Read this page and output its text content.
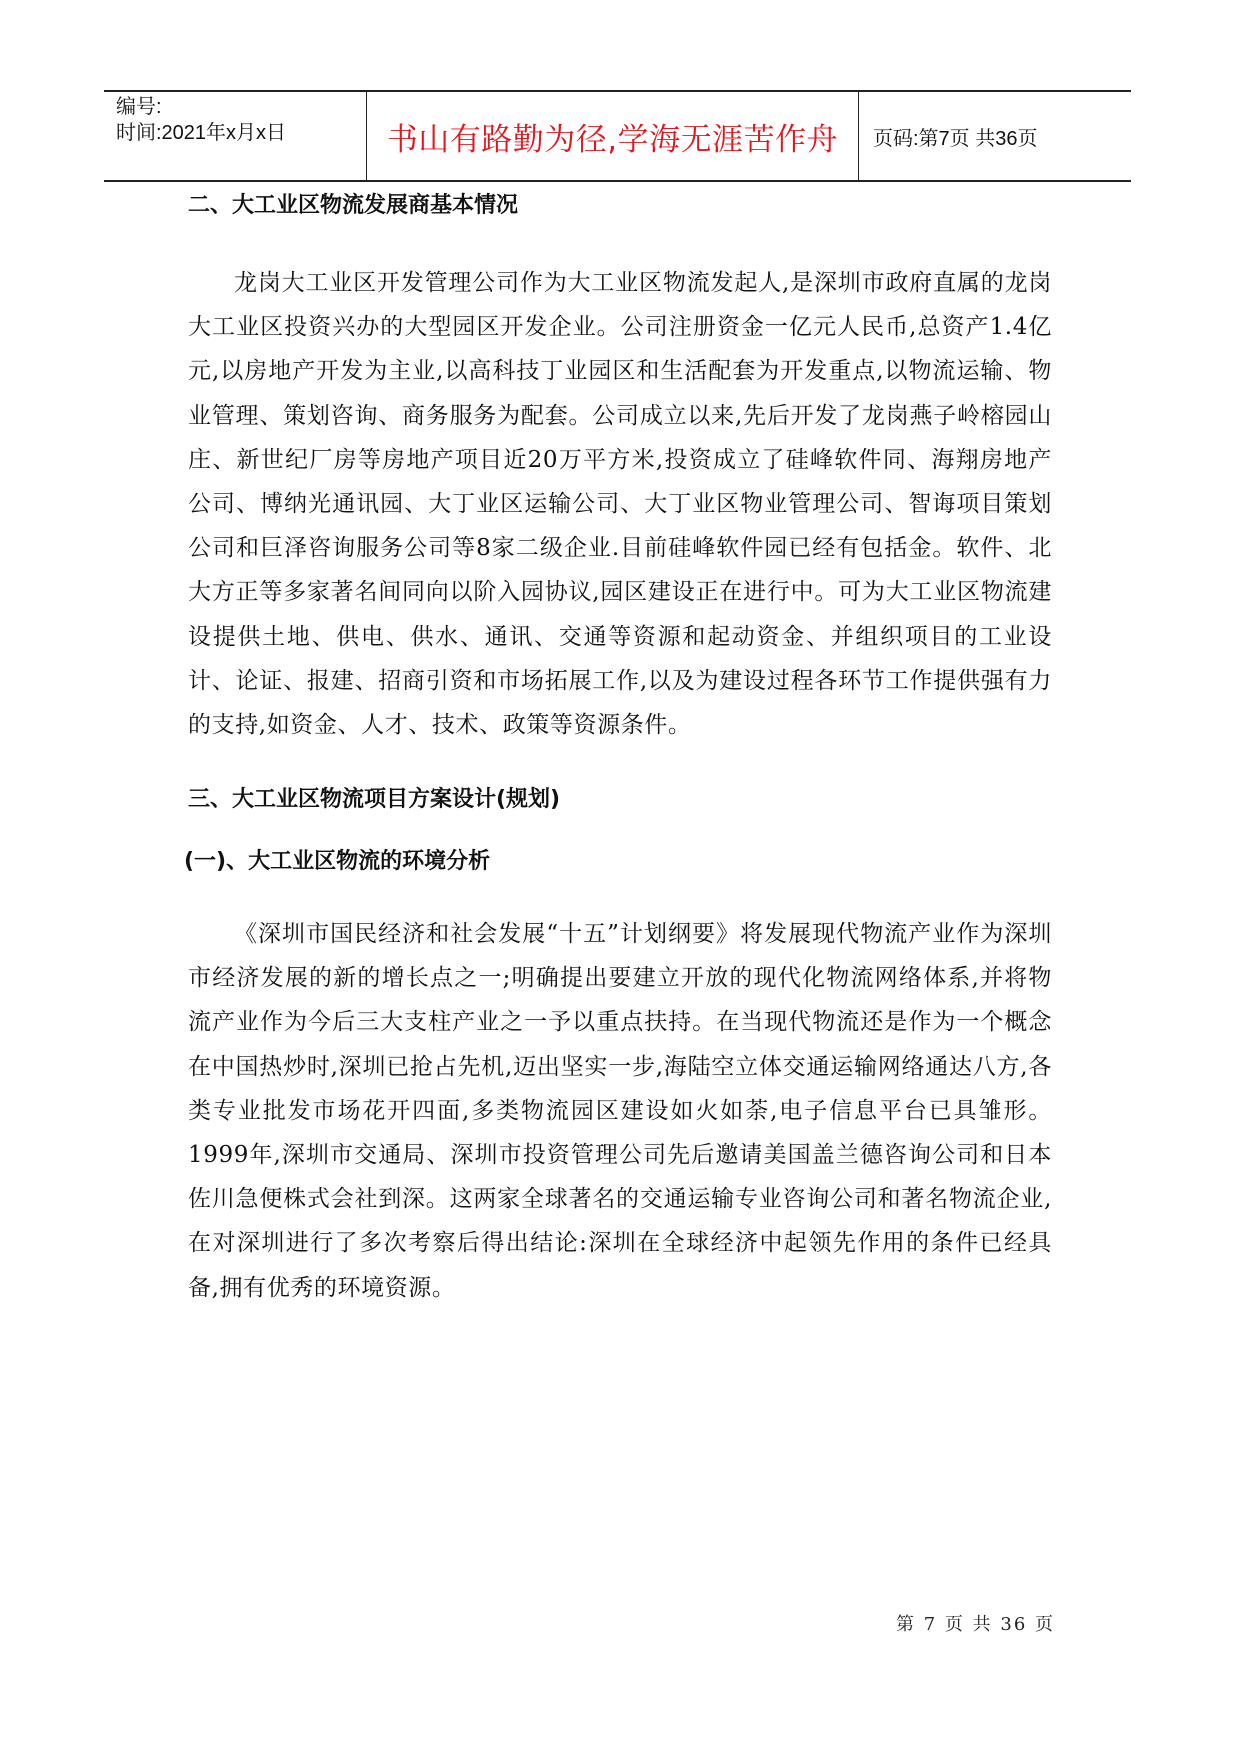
编号:
时间:2021年x月x日	书山有路勤为径,学海无涯苦作舟 页码:第7页 共36页
二、大工业区物流发展商基本情况

龙岗大工业区开发管理公司作为大工业区物流发起人,是深圳市政府直属的龙岗大工业区投资兴办的大型园区开发企业。公司注册资金一亿元人民币,总资产1.4亿元,以房地产开发为主业,以高科技丁业园区和生活配套为开发重点,以物流运输、物业管理、策划咨询、商务服务为配套。公司成立以来,先后开发了龙岗燕子岭榕园山庄、新世纪厂房等房地产项目近20万平方米,投资成立了硅峰软件同、海翔房地产公司、博纳光通讯园、大丁业区运输公司、大丁业区物业管理公司、智诲项目策划公司和巨泽咨询服务公司等8家二级企业.目前硅峰软件园已经有包括金。软件、北大方正等多家著名间同向以阶入园协议,园区建设正在进行中。可为大工业区物流建设提供土地、供电、供水、通讯、交通等资源和起动资金、并组织项目的工业设计、论证、报建、招商引资和市场拓展工作,以及为建设过程各环节工作提供强有力的支持,如资金、人才、技术、政策等资源条件。

三、大工业区物流项目方案设计(规划)
(一)、大工业区物流的环境分析

《深圳市国民经济和社会发展“十五”计划纲要》将发展现代物流产业作为深圳市经济发展的新的增长点之一;明确提出要建立开放的现代化物流网络体系,并将物流产业作为今后三大支柱产业之一予以重点扶持。在当现代物流还是作为一个概念在中国热炒时,深圳已抢占先机,迈出坚实一步,海陆空立体交通运输网络通达八方,各类专业批发市场花开四面,多类物流园区建设如火如荼,电子信息平台已具雏形。1999年,深圳市交通局、深圳市投资管理公司先后邀请美国盖兰德咨询公司和日本佐川急便株式会社到深。这两家全球著名的交通运输专业咨询公司和著名物流企业,在对深圳进行了多次考察后得出结论:深圳在全球经济中起领先作用的条件已经具备,拥有优秀的环境资源。

第 7 页 共 36 页
